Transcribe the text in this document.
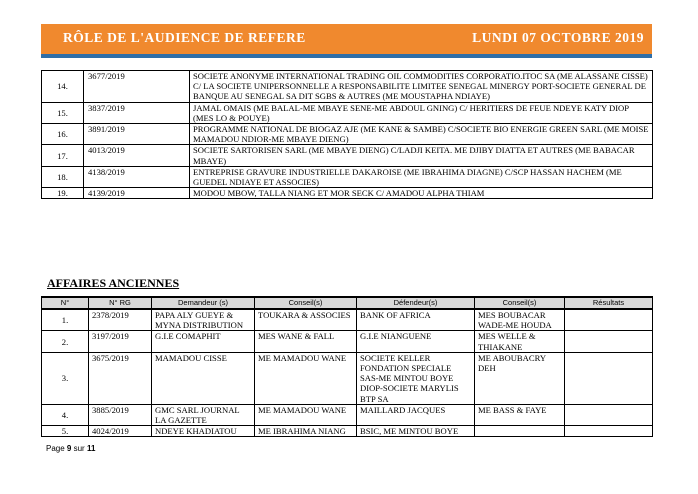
RÔLE DE L'AUDIENCE DE REFERE	LUNDI 07 OCTOBRE 2019
14.	3677/2019	SOCIETE ANONYME INTERNATIONAL TRADING OIL COMMODITIES CORPORATIO.ITOC SA (ME ALASSANE CISSE) C/ LA SOCIETE UNIPERSONNELLE A RESPONSABILITE LIMITEE SENEGAL MINERGY PORT-SOCIETE GENERAL DE BANQUE AU SENEGAL SA DIT SGBS & AUTRES (ME MOUSTAPHA NDIAYE)
15.	3837/2019	JAMAL OMAIS (ME BALAL-ME MBAYE SENE-ME ABDOUL GNING) C/ HERITIERS DE FEUE NDEYE KATY DIOP (MES LO & POUYE)
16.	3891/2019	PROGRAMME NATIONAL DE BIOGAZ AJE (ME KANE & SAMBE) C/SOCIETE BIO ENERGIE GREEN SARL (ME MOISE MAMADOU NDIOR-ME MBAYE DIENG)
17.	4013/2019	SOCIETE SARTORISEN SARL (ME MBAYE DIENG) C/LADJI KEITA. ME DJIBY DIATTA ET AUTRES (ME BABACAR MBAYE)
18.	4138/2019	ENTREPRISE GRAVURE INDUSTRIELLE DAKAROISE (ME IBRAHIMA DIAGNE) C/SCP HASSAN HACHEM (ME GUEDEL NDIAYE ET ASSOCIES)
19.	4139/2019	MODOU MBOW, TALLA NIANG ET MOR SECK C/ AMADOU ALPHA THIAM
AFFAIRES ANCIENNES
N°	N° RG	Demandeur (s)	Conseil(s)	Défendeur(s)	Conseil(s)	Résultats
1.	2378/2019	PAPA ALY GUEYE & MYNA DISTRIBUTION	TOUKARA & ASSOCIES	BANK OF AFRICA	MES BOUBACAR WADE-ME HOUDA	
2.	3197/2019	G.I.E COMAPHIT	MES WANE & FALL	G.I.E NIANGUENE	MES WELLE & THIAKANE	
3.	3675/2019	MAMADOU CISSE	ME MAMADOU WANE	SOCIETE KELLER FONDATION SPECIALE SAS-ME MINTOU BOYE DIOP-SOCIETE MARYLIS BTP SA	ME ABOUBACRY DEH	
4.	3885/2019	GMC SARL JOURNAL LA GAZETTE	ME MAMADOU WANE	MAILLARD JACQUES	ME BASS & FAYE	
5.	4024/2019	NDEYE KHADIATOU	ME IBRAHIMA NIANG	BSIC, ME MINTOU BOYE		
Page 9 sur 11
